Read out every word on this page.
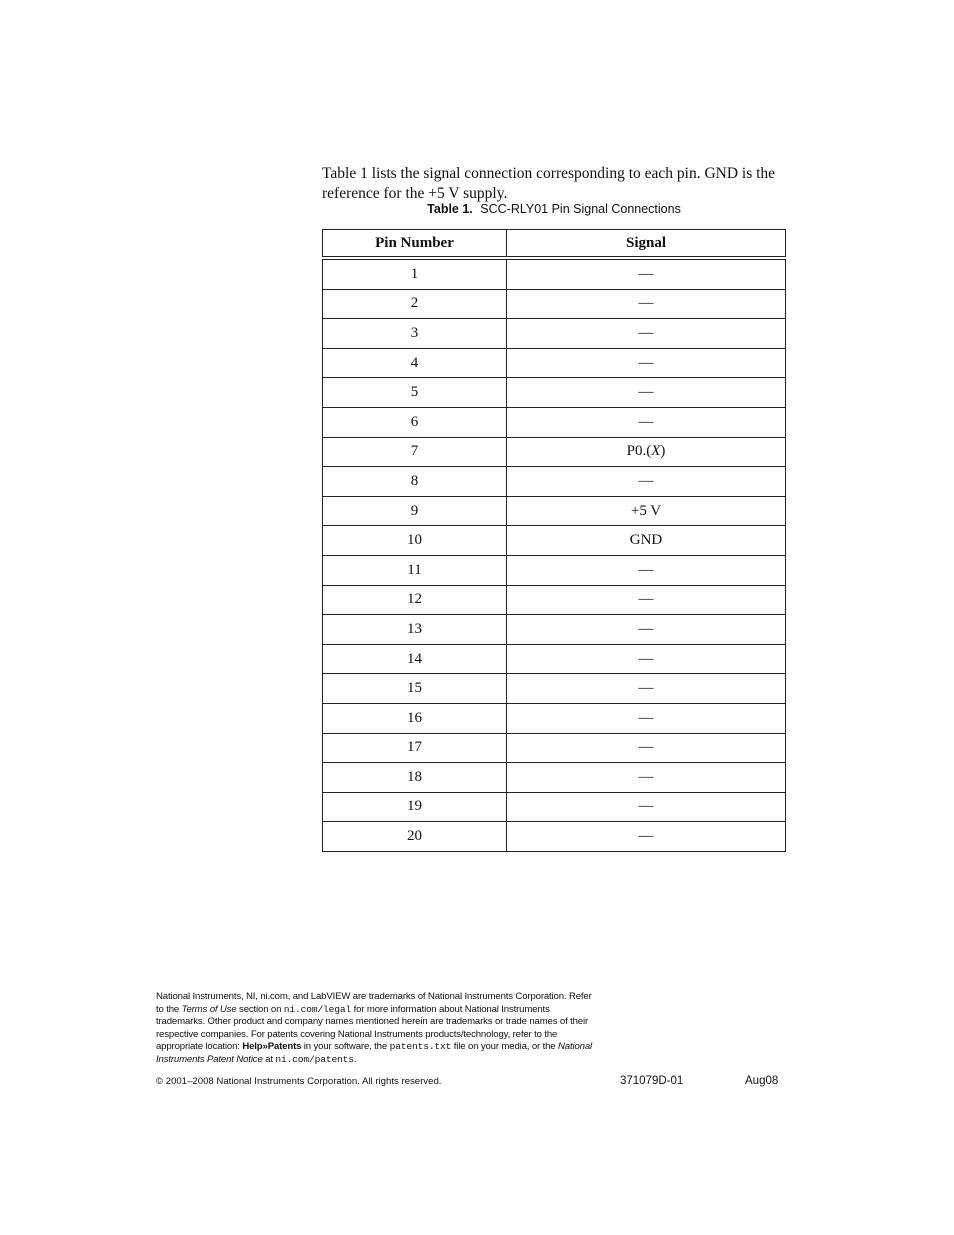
Table 1 lists the signal connection corresponding to each pin. GND is the reference for the +5 V supply.

Table 1. SCC-RLY01 Pin Signal Connections
Pin Number	Signal
1	—
2	—
3	—
4	—
5	—
6	—
7	P0.(X)
8	—
9	+5 V
10	GND
11	—
12	—
13	—
14	—
15	—
16	—
17	—
18	—
19	—
20	—
National Instruments, NI, ni.com, and LabVIEW are trademarks of National Instruments Corporation. Refer to the Terms of Use section on ni.com/legal for more information about National Instruments trademarks. Other product and company names mentioned herein are trademarks or trade names of their respective companies. For patents covering National Instruments products/technology, refer to the appropriate location: Help»Patents in your software, the patents.txt file on your media, or the National Instruments Patent Notice at ni.com/patents.
© 2001–2008 National Instruments Corporation. All rights reserved.	371079D-01	Aug08
